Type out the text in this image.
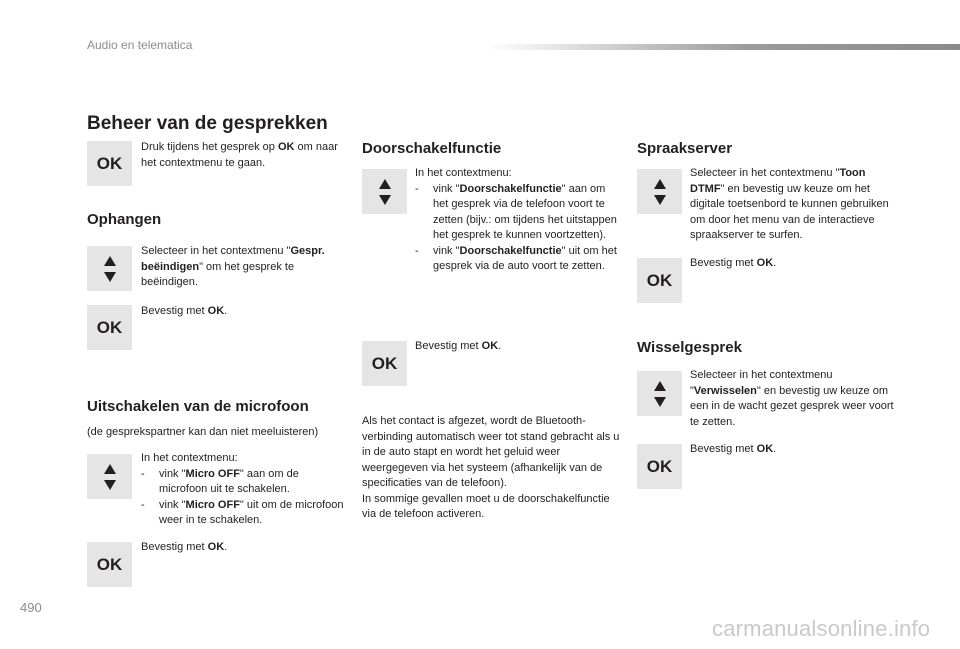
Audio en telematica
Beheer van de gesprekken
OK
Druk tijdens het gesprek op OK om naar het contextmenu te gaan.
Ophangen
Selecteer in het contextmenu "Gespr. beëindigen" om het gesprek te beëindigen.
OK
Bevestig met OK.
Uitschakelen van de microfoon
(de gesprekspartner kan dan niet meeluisteren)
In het contextmenu:
- vink "Micro OFF" aan om de microfoon uit te schakelen.
- vink "Micro OFF" uit om de microfoon weer in te schakelen.
OK
Bevestig met OK.
Doorschakelfunctie
In het contextmenu:
- vink "Doorschakelfunctie" aan om het gesprek via de telefoon voort te zetten (bijv.: om tijdens het uitstappen het gesprek te kunnen voortzetten).
- vink "Doorschakelfunctie" uit om het gesprek via de auto voort te zetten.
OK
Bevestig met OK.
Als het contact is afgezet, wordt de Bluetooth-verbinding automatisch weer tot stand gebracht als u in de auto stapt en wordt het geluid weer weergegeven via het systeem (afhankelijk van de specificaties van de telefoon).
In sommige gevallen moet u de doorschakelfunctie via de telefoon activeren.
Spraakserver
Selecteer in het contextmenu "Toon DTMF" en bevestig uw keuze om het digitale toetsenbord te kunnen gebruiken om door het menu van de interactieve spraakserver te surfen.
OK
Bevestig met OK.
Wisselgesprek
Selecteer in het contextmenu "Verwisselen" en bevestig uw keuze om een in de wacht gezet gesprek weer voort te zetten.
OK
Bevestig met OK.
490
carmanualsonline.info
